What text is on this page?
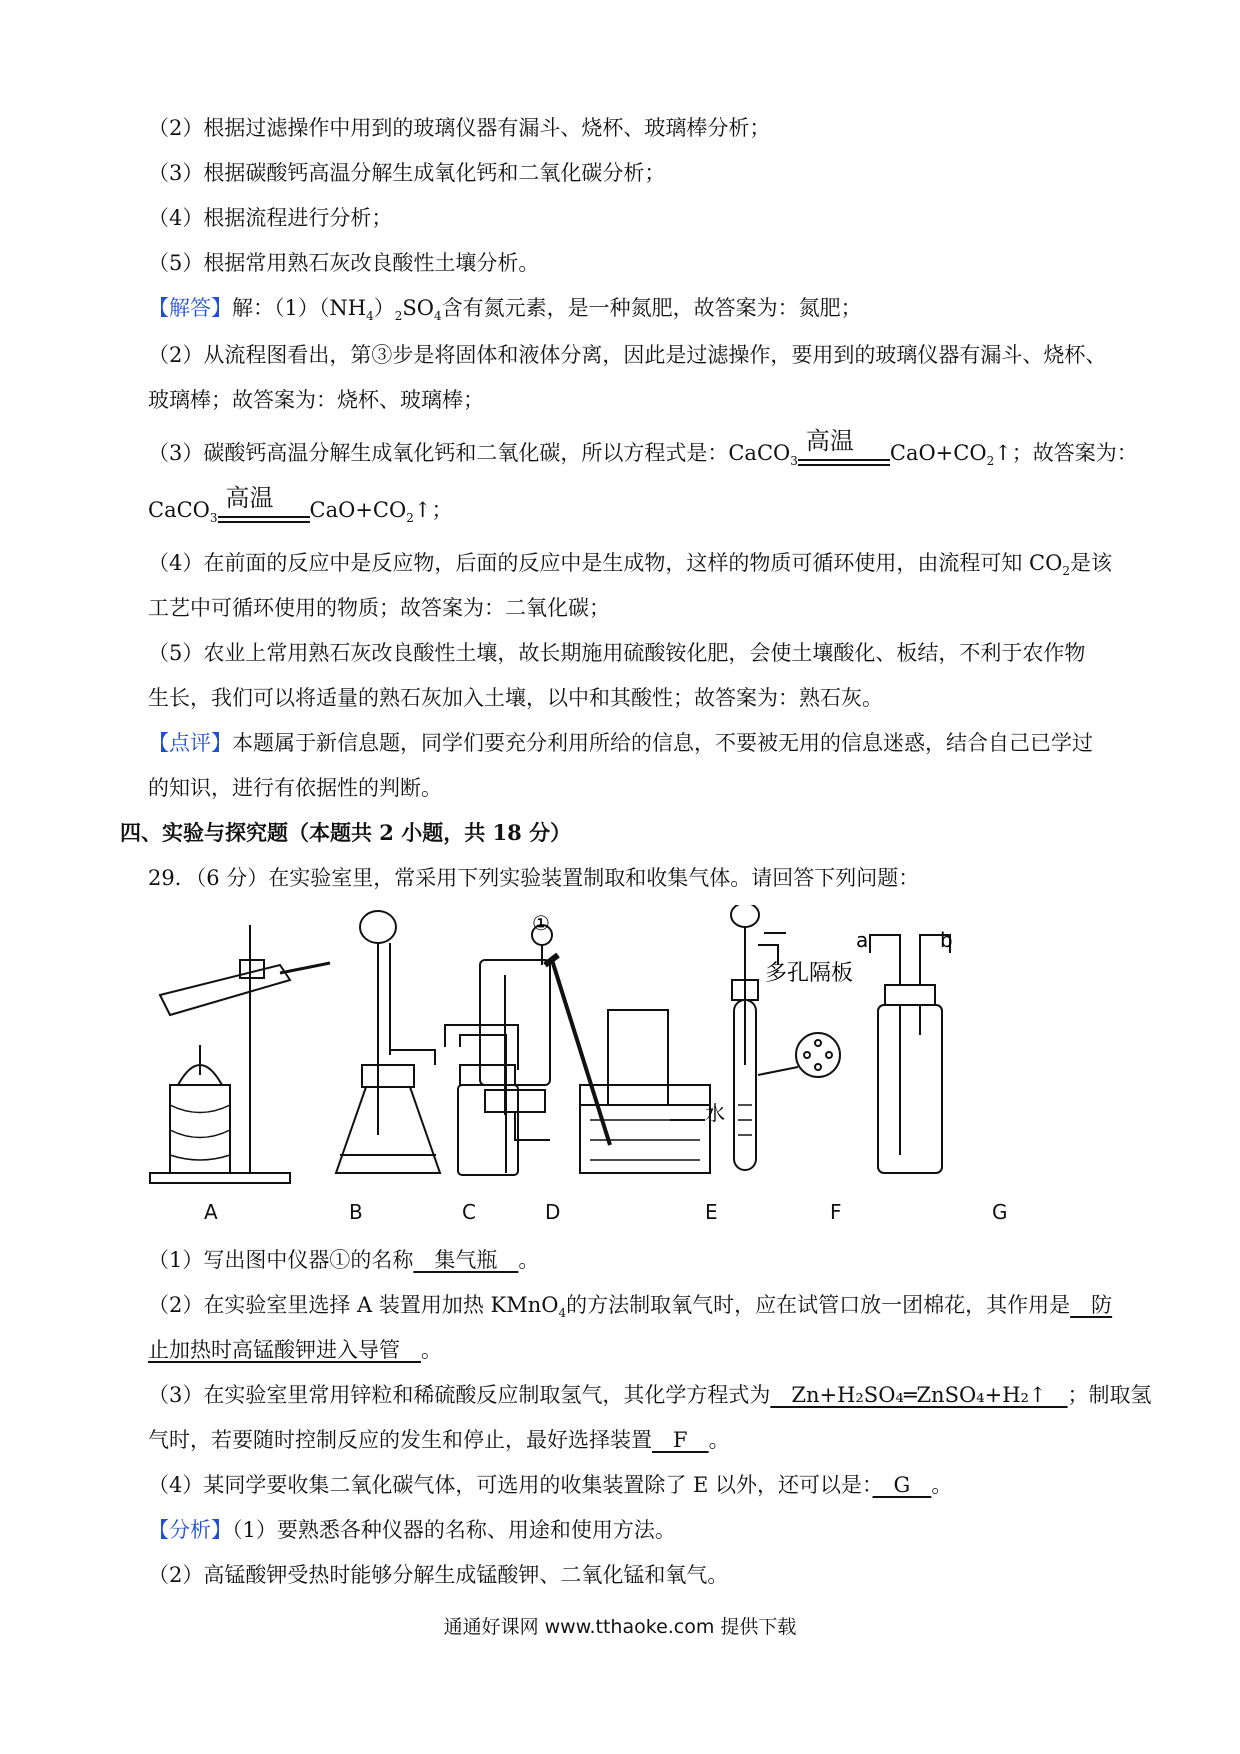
（2）根据过滤操作中用到的玻璃仪器有漏斗、烧杯、玻璃棒分析；
（3）根据碳酸钙高温分解生成氧化钙和二氧化碳分析；
（4）根据流程进行分析；
（5）根据常用熟石灰改良酸性土壤分析。
【解答】解：$(1)(NH_4)_2SO_4$含有氮元素，是一种氮肥，故答案为：氮肥；
（2）从流程图看出，第③步是将固体和液体分离，因此是过滤操作，要用到的玻璃仪器有漏斗、烧杯、
玻璃棒；故答案为：烧杯、玻璃棒；
（3）碳酸钙高温分解生成氧化钙和二氧化碳，所以方程式是：CaCO$_3$
高温 $CaO+CO_2↑$；故答案为：
CaCO$_3$
高温 $CaO+CO_2↑$；
（4）在前面的反应中是反应物，后面的反应中是生成物，这样的物质可循环使用，由流程可知 $CO_2$是该
工艺中可循环使用的物质；故答案为：二氧化碳；
（5）农业上常用熟石灰改良酸性土壤，故长期施用硫酸铵化肥，会使土壤酸化、板结，不利于农作物
生长，我们可以将适量的熟石灰加入土壤，以中和其酸性；故答案为：熟石灰。
【点评】本题属于新信息题，同学们要充分利用所给的信息，不要被无用的信息迷惑，结合自己已学过
的知识，进行有依据性的判断。
四、实验与探究题（本题共 2 小题，共 18 分）
29．（6 分）在实验室里，常采用下列实验装置制取和收集气体。请回答下列问题：
①
水
多孔隔板
a	b
A	B	C	D	E	F	G
（1）写出图中仪器①的名称　集气瓶　。
（2）在实验室里选择 A 装置用加热 KMnO$_4$的方法制取氧气时，应在试管口放一团棉花，其作用是　防
止加热时高锰酸钾进入导管　。
（3）在实验室里常用锌粒和稀硫酸反应制取氢气，其化学方程式为　Zn+H₂SO₄═ZnSO₄+H₂↑　；制取氢
气时，若要随时控制反应的发生和停止，最好选择装置　F　。
（4）某同学要收集二氧化碳气体，可选用的收集装置除了 E 以外，还可以是：　G　。
【分析】（1）要熟悉各种仪器的名称、用途和使用方法。
（2）高锰酸钾受热时能够分解生成锰酸钾、二氧化锰和氧气。
通通好课网 www.tthaoke.com 提供下载
